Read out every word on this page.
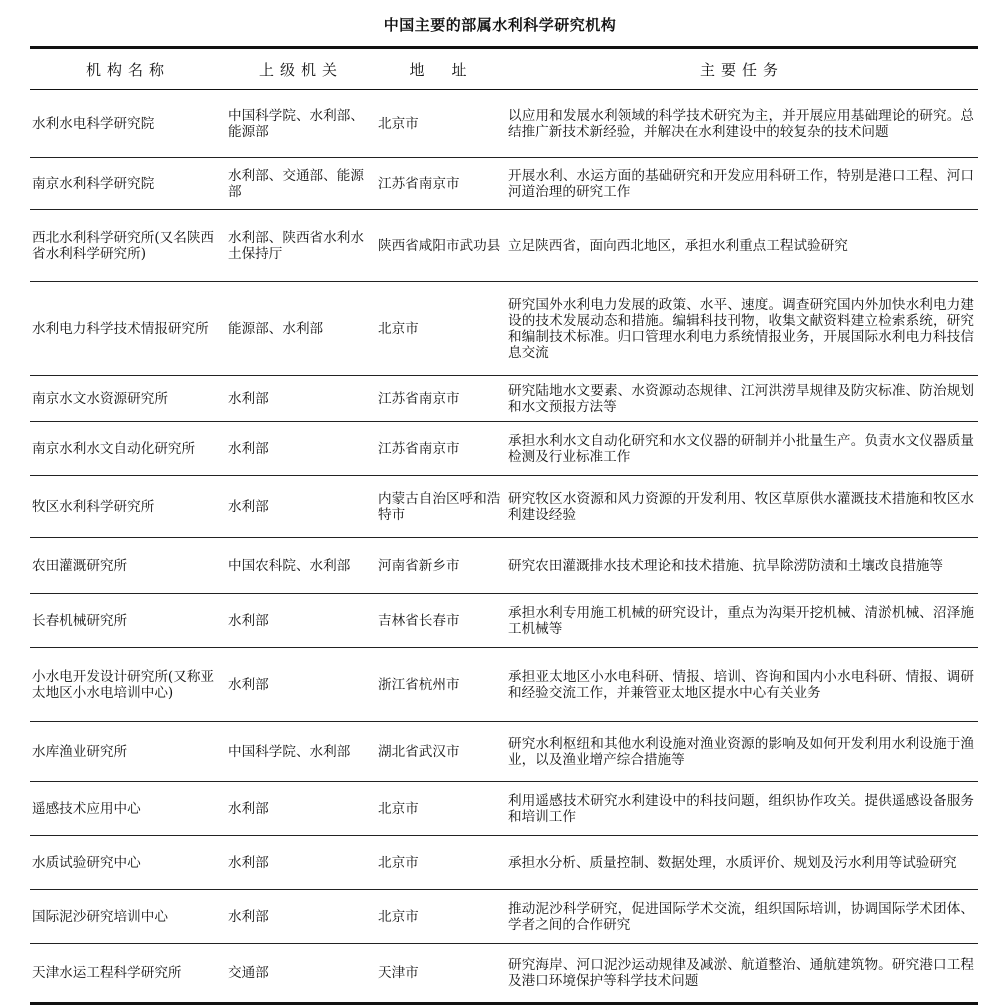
中国主要的部属水利科学研究机构
机构名称	上级机关	地　址	主要任务
水利水电科学研究院	中国科学院、水利部、能源部	北京市	以应用和发展水利领域的科学技术研究为主，并开展应用基础理论的研究。总结推广新技术新经验，并解决在水利建设中的较复杂的技术问题
南京水利科学研究院	水利部、交通部、能源部	江苏省南京市	开展水利、水运方面的基础研究和开发应用科研工作，特别是港口工程、河口河道治理的研究工作
西北水利科学研究所(又名陕西省水利科学研究所)	水利部、陕西省水利水土保持厅	陕西省咸阳市武功县	立足陕西省，面向西北地区，承担水利重点工程试验研究
水利电力科学技术情报研究所	能源部、水利部	北京市	研究国外水利电力发展的政策、水平、速度。调查研究国内外加快水利电力建设的技术发展动态和措施。编辑科技刊物，收集文献资料建立检索系统，研究和编制技术标准。归口管理水利电力系统情报业务，开展国际水利电力科技信息交流
南京水文水资源研究所	水利部	江苏省南京市	研究陆地水文要素、水资源动态规律、江河洪涝旱规律及防灾标准、防治规划和水文预报方法等
南京水利水文自动化研究所	水利部	江苏省南京市	承担水利水文自动化研究和水文仪器的研制并小批量生产。负责水文仪器质量检测及行业标准工作
牧区水利科学研究所	水利部	内蒙古自治区呼和浩特市	研究牧区水资源和风力资源的开发利用、牧区草原供水灌溉技术措施和牧区水利建设经验
农田灌溉研究所	中国农科院、水利部	河南省新乡市	研究农田灌溉排水技术理论和技术措施、抗旱除涝防渍和土壤改良措施等
长春机械研究所	水利部	吉林省长春市	承担水利专用施工机械的研究设计，重点为沟渠开挖机械、清淤机械、沼泽施工机械等
小水电开发设计研究所(又称亚太地区小水电培训中心)	水利部	浙江省杭州市	承担亚太地区小水电科研、情报、培训、咨询和国内小水电科研、情报、调研和经验交流工作，并兼管亚太地区提水中心有关业务
水库渔业研究所	中国科学院、水利部	湖北省武汉市	研究水利枢纽和其他水利设施对渔业资源的影响及如何开发利用水利设施于渔业，以及渔业增产综合措施等
遥感技术应用中心	水利部	北京市	利用遥感技术研究水利建设中的科技问题，组织协作攻关。提供遥感设备服务和培训工作
水质试验研究中心	水利部	北京市	承担水分析、质量控制、数据处理，水质评价、规划及污水利用等试验研究
国际泥沙研究培训中心	水利部	北京市	推动泥沙科学研究，促进国际学术交流，组织国际培训，协调国际学术团体、学者之间的合作研究
天津水运工程科学研究所	交通部	天津市	研究海岸、河口泥沙运动规律及减淤、航道整治、通航建筑物。研究港口工程及港口环境保护等科学技术问题
